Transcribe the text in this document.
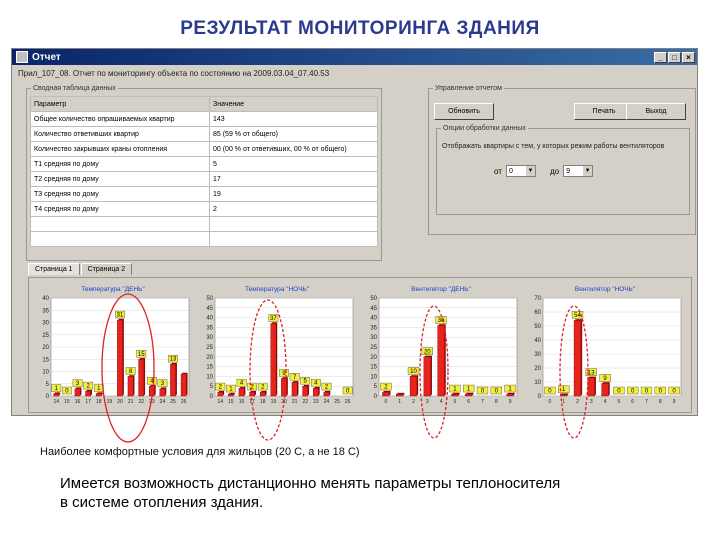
РЕЗУЛЬТАТ МОНИТОРИНГА ЗДАНИЯ
Отчет	_	□	×
Прил_107_08. Отчет по мониторингу объекта по состоянию на 2009.03.04_07.40.53
Сводная таблица данных
Параметр	Значение
Общее количество опрашиваемых квартир	143
Количество ответивших квартир	85 (59 % от общего)
Количество закрывших краны отопления	00 (00 % от ответивших, 00 % от общего)
T1 средняя по дому	5
T2 средняя по дому	17
T3 средняя по дому	19
T4 средняя по дому	2

Управление отчетом
Обновить	Печать	Выход
Опции обработки данных
Отображать квартиры с тем, у которых режим работы вентиляторов
от 0 ▼ до 9 ▼
Страница 1	Страница 2
Температура "ДЕНЬ"
0
5
10
15
20
25
30
35
40
1
14
0
15
3
16
2
17
1
18 19
31
20
8
21
15
22
4
23
3
24
13
25 26
Температура "НОЧЬ"
0
5
10
15
20
25
30
35
40
45
50
2
14
1
15
4
16
2
17
2
18
37
19
9
20
7
21
5
22
4
23
2
24 25
0
26
Вентилятор "ДЕНЬ"
0
5
10
15
20
25
30
35
40
45
50
2
0 1
10
2
20
3
36
4
1
5
1
6
0
7
0
8
1
9
Вентилятор "НОЧЬ"
0
10
20
30
40
50
60
70
0
0
1
1
54
2
13
3
9
4
0
5
0
6
0
7
0
8
0
9
Наиболее комфортные условия для жильцов (20 С, а не 18 С)
Имеется возможность дистанционно менять параметры теплоносителя
в системе отопления здания.
